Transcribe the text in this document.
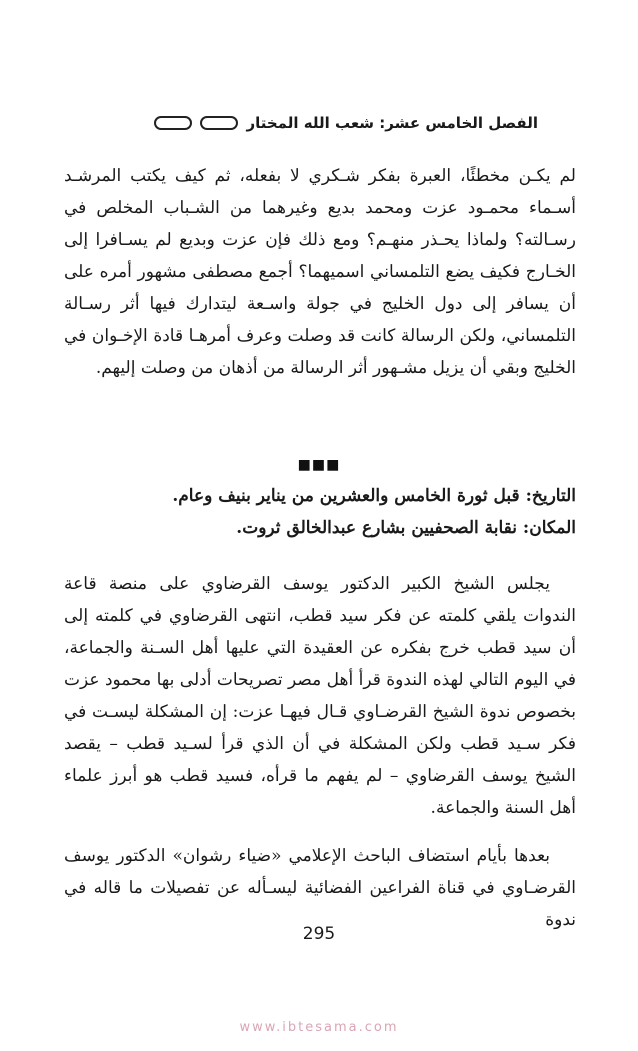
الفصل الخامس عشر: شعب الله المختار

لم يكـن مخطئًا، العبرة بفكر شـكري لا بفعله، ثم كيف يكتب المرشـد أسـماء محمـود عزت ومحمد بديع وغيرهما من الشـباب المخلص في رسـالته؟ ولماذا يحـذر منهـم؟ ومع ذلك فإن عزت وبديع لم يسـافرا إلى الخـارج فكيف يضع التلمساني اسميهما؟ أجمع مصطفى مشهور أمره على أن يسافر إلى دول الخليج في جولة واسـعة ليتدارك فيها أثر رسـالة التلمساني، ولكن الرسالة كانت قد وصلت وعرف أمرهـا قادة الإخـوان في الخليج وبقي أن يزيل مشـهور أثر الرسالة من أذهان من وصلت إليهم.

■■■

التاريخ: قبل ثورة الخامس والعشرين من يناير بنيف وعام.

المكان: نقابة الصحفيين بشارع عبدالخالق ثروت.

يجلس الشيخ الكبير الدكتور يوسف القرضاوي على منصة قاعة الندوات يلقي كلمته عن فكر سيد قطب، انتهى القرضاوي في كلمته إلى أن سيد قطب خرج بفكره عن العقيدة التي عليها أهل السـنة والجماعة، في اليوم التالي لهذه الندوة قرأ أهل مصر تصريحات أدلى بها محمود عزت بخصوص ندوة الشيخ القرضـاوي قـال فيهـا عزت: إن المشكلة ليسـت في فكر سـيد قطب ولكن المشكلة في أن الذي قرأ لسـيد قطب – يقصد الشيخ يوسف القرضاوي – لم يفهم ما قرأه، فسيد قطب هو أبرز علماء أهل السنة والجماعة.

بعدها بأيام استضاف الباحث الإعلامي «ضياء رشوان» الدكتور يوسف القرضـاوي في قناة الفراعين الفضائية ليسـأله عن تفصيلات ما قاله في ندوة

295
www.ibtesama.com
